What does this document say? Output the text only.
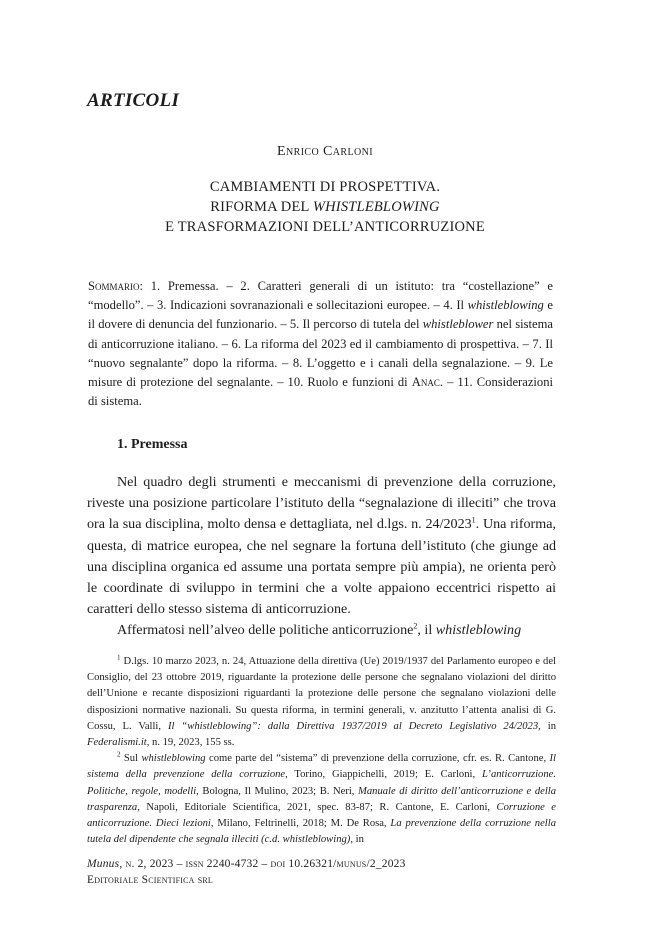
ARTICOLI
Enrico Carloni
CAMBIAMENTI DI PROSPETTIVA.
RIFORMA DEL WHISTLEBLOWING
E TRASFORMAZIONI DELL’ANTICORRUZIONE

Sommario: 1. Premessa. – 2. Caratteri generali di un istituto: tra “costellazione” e “modello”. – 3. Indicazioni sovranazionali e sollecitazioni europee. – 4. Il whistleblowing e il dovere di denuncia del funzionario. – 5. Il percorso di tutela del whistleblower nel sistema di anticorruzione italiano. – 6. La riforma del 2023 ed il cambiamento di prospettiva. – 7. Il “nuovo segnalante” dopo la riforma. – 8. L’oggetto e i canali della segnalazione. – 9. Le misure di protezione del segnalante. – 10. Ruolo e funzioni di Anac. – 11. Considerazioni di sistema.

1. Premessa

Nel quadro degli strumenti e meccanismi di prevenzione della corruzione, riveste una posizione particolare l’istituto della “segnalazione di illeciti” che trova ora la sua disciplina, molto densa e dettagliata, nel d.lgs. n. 24/2023$^1$. Una riforma, questa, di matrice europea, che nel segnare la fortuna dell’istituto (che giunge ad una disciplina organica ed assume una portata sempre più ampia), ne orienta però le coordinate di sviluppo in termini che a volte appaiono eccentrici rispetto ai caratteri dello stesso sistema di anticorruzione.

Affermatosi nell’alveo delle politiche anticorruzione$^2$, il whistleblowing

$^1$ D.lgs. 10 marzo 2023, n. 24, Attuazione della direttiva (Ue) 2019/1937 del Parlamento europeo e del Consiglio, del 23 ottobre 2019, riguardante la protezione delle persone che segnalano violazioni del diritto dell’Unione e recante disposizioni riguardanti la protezione delle persone che segnalano violazioni delle disposizioni normative nazionali. Su questa riforma, in termini generali, v. anzitutto l’attenta analisi di G. Cossu, L. Valli, Il “whistleblowing”: dalla Direttiva 1937/2019 al Decreto Legislativo 24/2023, in Federalismi.it, n. 19, 2023, 155 ss.

$^2$ Sul whistleblowing come parte del “sistema” di prevenzione della corruzione, cfr. es. R. Cantone, Il sistema della prevenzione della corruzione, Torino, Giappichelli, 2019; E. Carloni, L’anticorruzione. Politiche, regole, modelli, Bologna, Il Mulino, 2023; B. Neri, Manuale di diritto dell’anticorruzione e della trasparenza, Napoli, Editoriale Scientifica, 2021, spec. 83-87; R. Cantone, E. Carloni, Corruzione e anticorruzione. Dieci lezioni, Milano, Feltrinelli, 2018; M. De Rosa, La prevenzione della corruzione nella tutela del dipendente che segnala illeciti (c.d. whistleblowing), in

Munus, n. 2, 2023 – issn 2240-4732 – doi 10.26321/munus/2_2023
Editoriale Scientifica srl
